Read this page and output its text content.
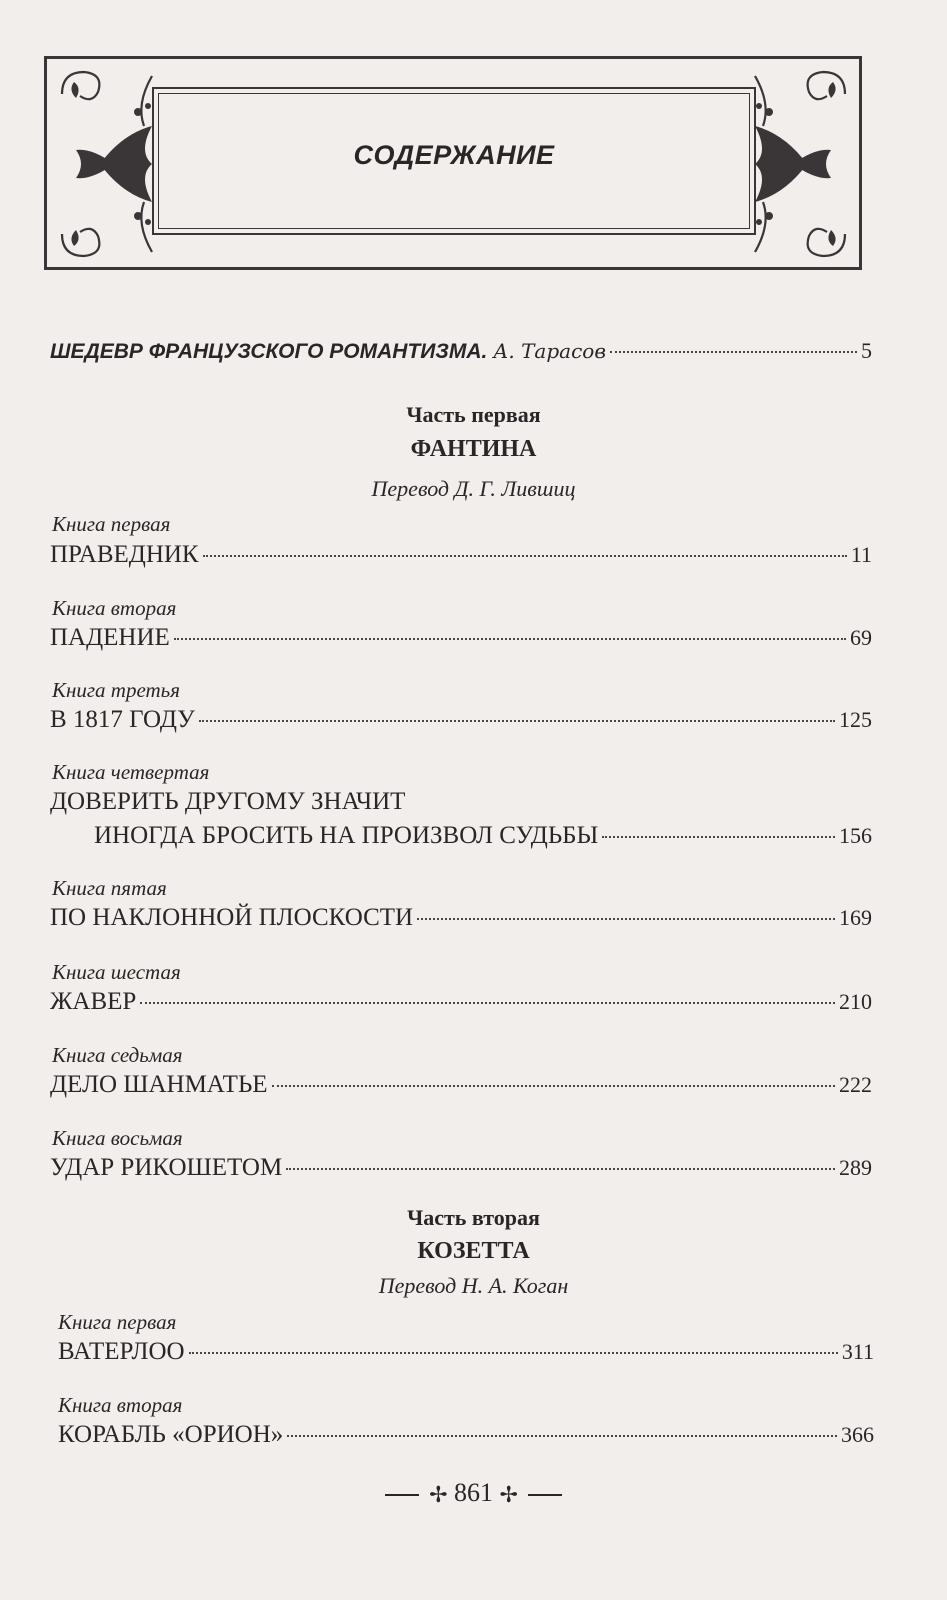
СОДЕРЖАНИЕ
ШЕДЕВР ФРАНЦУЗСКОГО РОМАНТИЗМА. А. Тарасов	5
Часть первая
ФАНТИНА
Перевод Д. Г. Лившиц
Книга первая
ПРАВЕДНИК	11
Книга вторая
ПАДЕНИЕ	69
Книга третья
В 1817 ГОДУ	125
Книга четвертая
ДОВЕРИТЬ ДРУГОМУ ЗНАЧИТ
ИНОГДА БРОСИТЬ НА ПРОИЗВОЛ СУДЬБЫ	156
Книга пятая
ПО НАКЛОННОЙ ПЛОСКОСТИ	169
Книга шестая
ЖАВЕР	210
Книга седьмая
ДЕЛО ШАНМАТЬЕ	222
Книга восьмая
УДАР РИКОШЕТОМ	289
Часть вторая
КОЗЕТТА
Перевод Н. А. Коган
Книга первая
ВАТЕРЛОО	311
Книга вторая
КОРАБЛЬ «ОРИОН»	366
✢ 861 ✢
